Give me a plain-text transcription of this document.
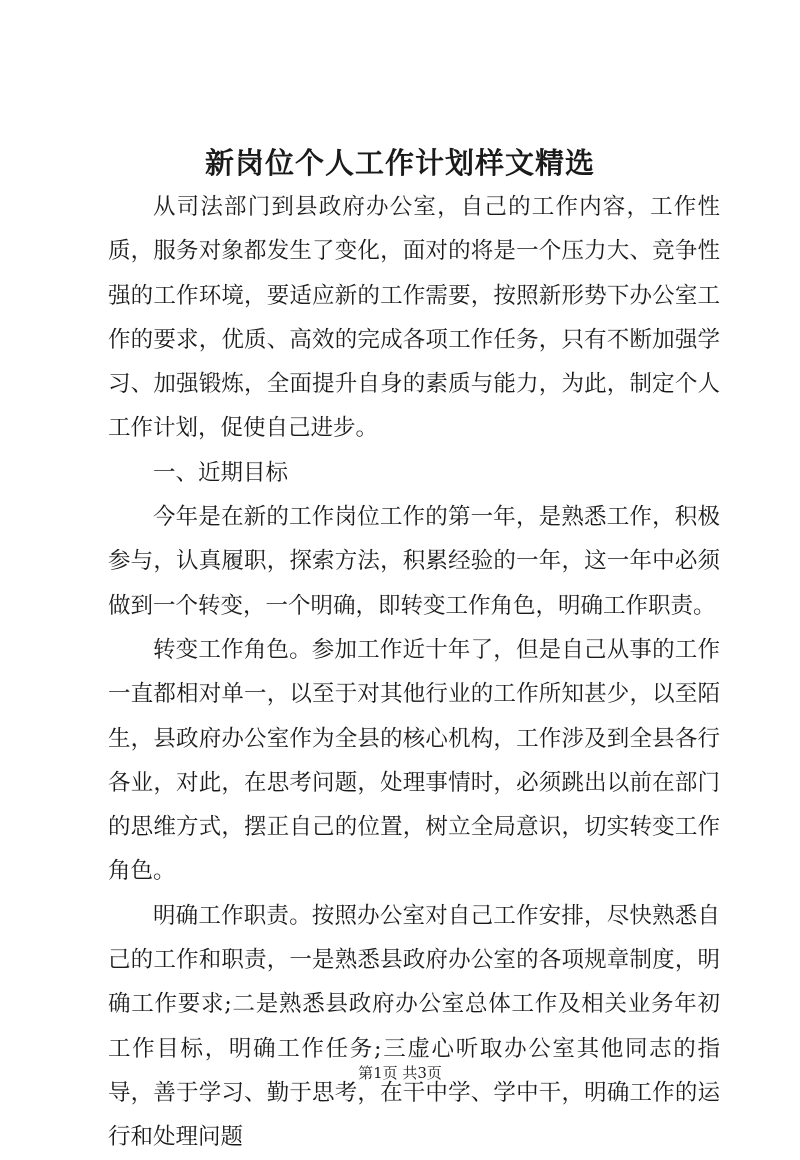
新岗位个人工作计划样文精选

从司法部门到县政府办公室，自己的工作内容，工作性质，服务对象都发生了变化，面对的将是一个压力大、竞争性强的工作环境，要适应新的工作需要，按照新形势下办公室工作的要求，优质、高效的完成各项工作任务，只有不断加强学习、加强锻炼，全面提升自身的素质与能力，为此，制定个人工作计划，促使自己进步。

一、近期目标

今年是在新的工作岗位工作的第一年，是熟悉工作，积极参与，认真履职，探索方法，积累经验的一年，这一年中必须做到一个转变，一个明确，即转变工作角色，明确工作职责。

转变工作角色。参加工作近十年了，但是自己从事的工作一直都相对单一，以至于对其他行业的工作所知甚少，以至陌生，县政府办公室作为全县的核心机构，工作涉及到全县各行各业，对此，在思考问题，处理事情时，必须跳出以前在部门的思维方式，摆正自己的位置，树立全局意识，切实转变工作角色。

明确工作职责。按照办公室对自己工作安排，尽快熟悉自己的工作和职责，一是熟悉县政府办公室的各项规章制度，明确工作要求;二是熟悉县政府办公室总体工作及相关业务年初工作目标，明确工作任务;三虚心听取办公室其他同志的指导，善于学习、勤于思考，在干中学、学中干，明确工作的运行和处理问题

第1页 共3页
